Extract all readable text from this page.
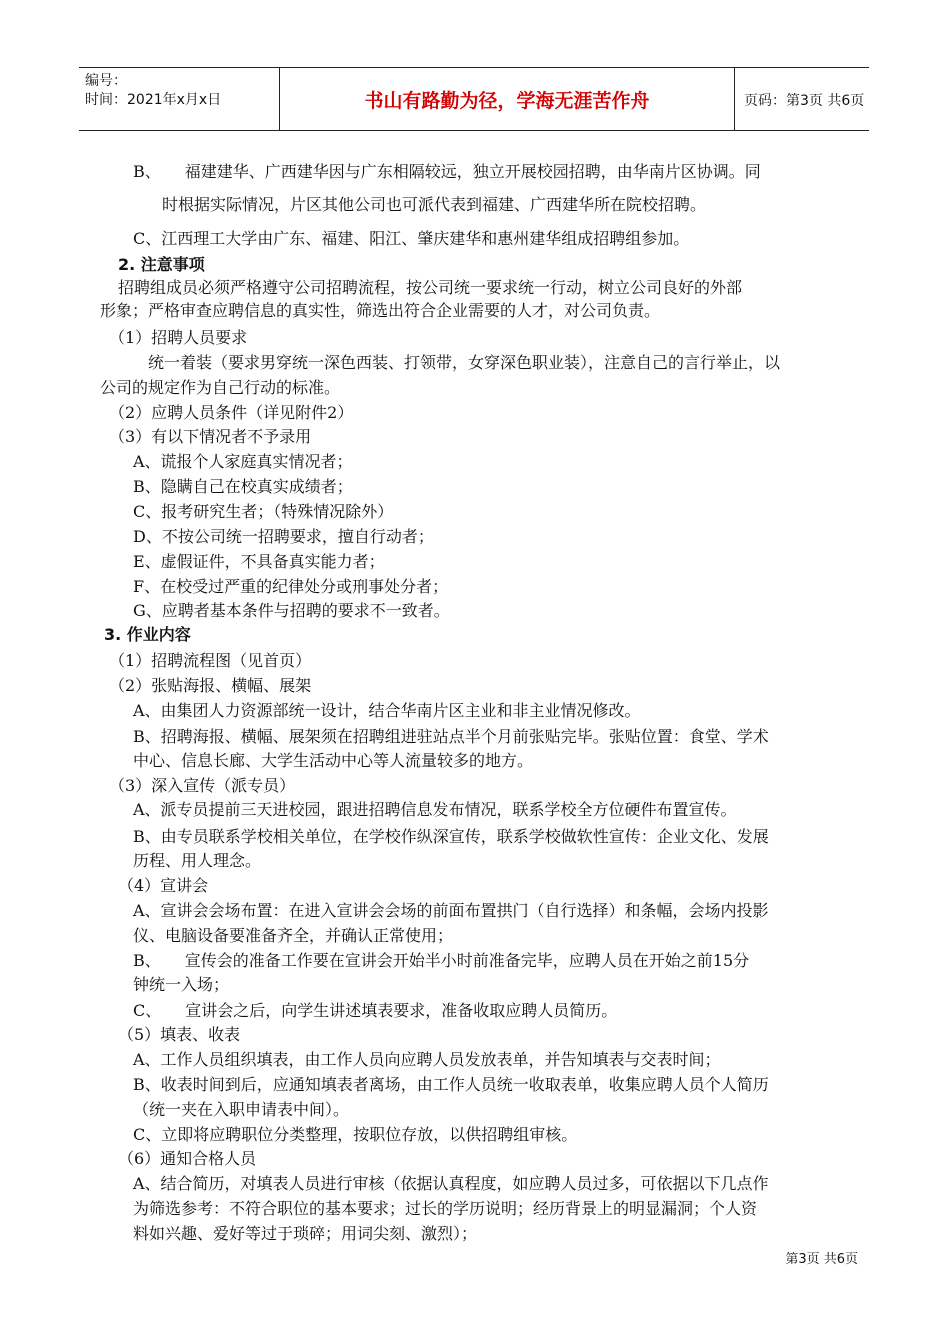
编号：
时间：2021年x月x日	书山有路勤为径，学海无涯苦作舟	页码：第3页 共6页
B、　　福建建华、广西建华因与广东相隔较远，独立开展校园招聘，由华南片区协调。同
时根据实际情况，片区其他公司也可派代表到福建、广西建华所在院校招聘。
C、江西理工大学由广东、福建、阳江、肇庆建华和惠州建华组成招聘组参加。
2. 注意事项
招聘组成员必须严格遵守公司招聘流程，按公司统一要求统一行动，树立公司良好的外部
形象；严格审查应聘信息的真实性，筛选出符合企业需要的人才，对公司负责。
（1）招聘人员要求
统一着装（要求男穿统一深色西装、打领带，女穿深色职业装），注意自己的言行举止，以
公司的规定作为自己行动的标准。
（2）应聘人员条件（详见附件2）
（3）有以下情况者不予录用
A、谎报个人家庭真实情况者；
B、隐瞒自己在校真实成绩者；
C、报考研究生者；（特殊情况除外）
D、不按公司统一招聘要求，擅自行动者；
E、虚假证件，不具备真实能力者；
F、在校受过严重的纪律处分或刑事处分者；
G、应聘者基本条件与招聘的要求不一致者。
3. 作业内容
（1）招聘流程图（见首页）
（2）张贴海报、横幅、展架
A、由集团人力资源部统一设计，结合华南片区主业和非主业情况修改。
B、招聘海报、横幅、展架须在招聘组进驻站点半个月前张贴完毕。张贴位置：食堂、学术
中心、信息长廊、大学生活动中心等人流量较多的地方。
（3）深入宣传（派专员）
A、派专员提前三天进校园，跟进招聘信息发布情况，联系学校全方位硬件布置宣传。
B、由专员联系学校相关单位，在学校作纵深宣传，联系学校做软性宣传：企业文化、发展
历程、用人理念。
（4）宣讲会
A、宣讲会会场布置：在进入宣讲会会场的前面布置拱门（自行选择）和条幅，会场内投影
仪、电脑设备要准备齐全，并确认正常使用；
B、　　宣传会的准备工作要在宣讲会开始半小时前准备完毕，应聘人员在开始之前15分
钟统一入场；
C、　　宣讲会之后，向学生讲述填表要求，准备收取应聘人员简历。
（5）填表、收表
A、工作人员组织填表，由工作人员向应聘人员发放表单，并告知填表与交表时间；
B、收表时间到后，应通知填表者离场，由工作人员统一收取表单，收集应聘人员个人简历
（统一夹在入职申请表中间）。
C、立即将应聘职位分类整理，按职位存放，以供招聘组审核。
（6）通知合格人员
A、结合简历，对填表人员进行审核（依据认真程度，如应聘人员过多，可依据以下几点作
为筛选参考：不符合职位的基本要求；过长的学历说明；经历背景上的明显漏洞；个人资
料如兴趣、爱好等过于琐碎；用词尖刻、激烈）；
第3页 共6页
